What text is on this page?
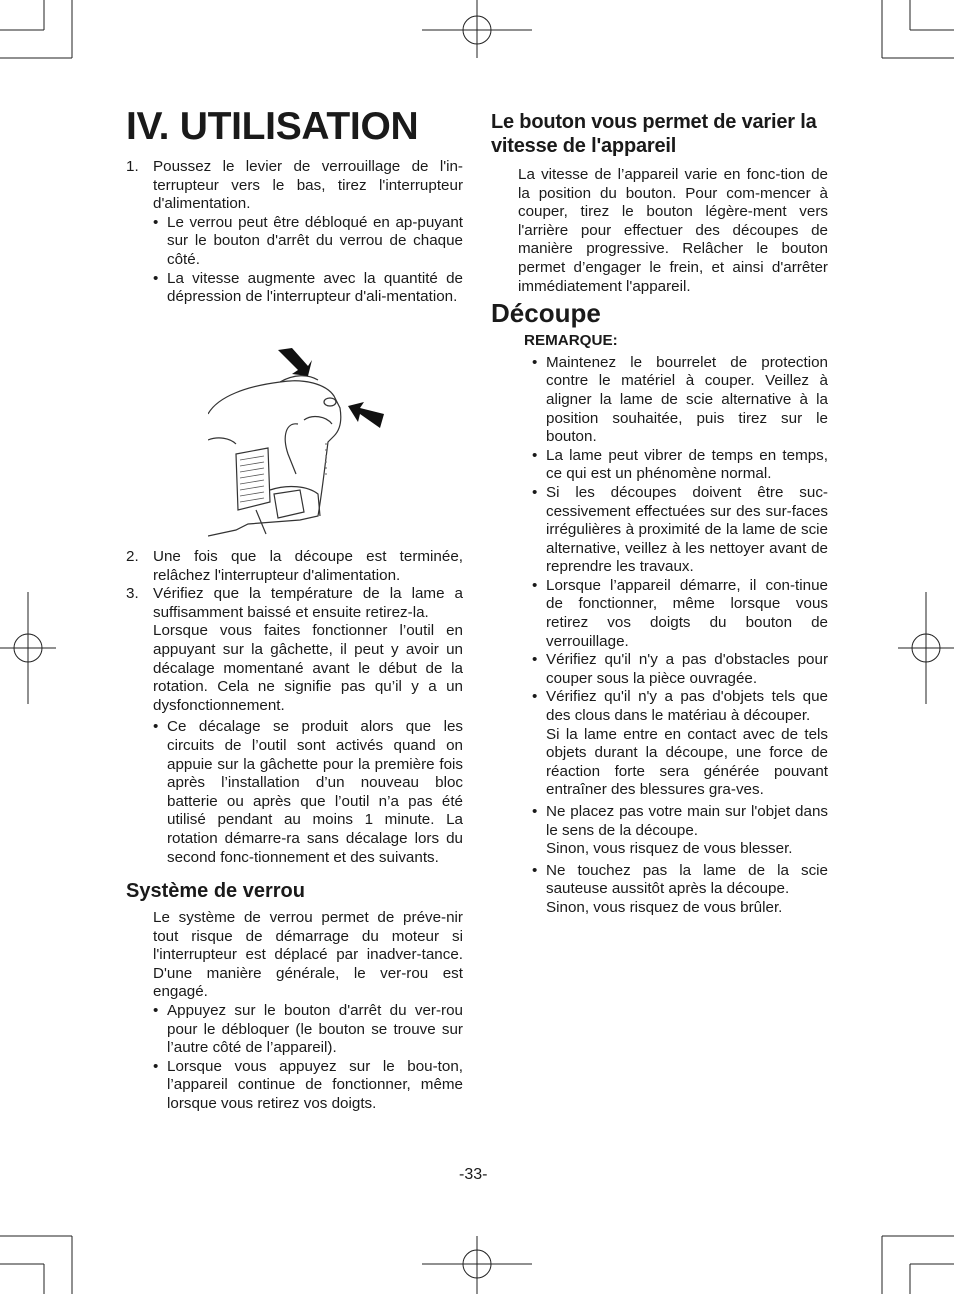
IV. UTILISATION

1. Poussez le levier de verrouillage de l'in-terrupteur vers le bas, tirez l'interrupteur d'alimentation.

• Le verrou peut être débloqué en ap-puyant sur le bouton d'arrêt du verrou de chaque côté.

• La vitesse augmente avec la quantité de dépression de l'interrupteur d'ali-mentation.

2. Une fois que la découpe est terminée, relâchez l'interrupteur d'alimentation.

3. Vérifiez que la température de la lame a suffisamment baissé et ensuite retirez-la.

Lorsque vous faites fonctionner l’outil en appuyant sur la gâchette, il peut y avoir un décalage momentané avant le début de la rotation. Cela ne signifie pas qu’il y a un dysfonctionnement.

• Ce décalage se produit alors que les circuits de l’outil sont activés quand on appuie sur la gâchette pour la première fois après l’installation d’un nouveau bloc batterie ou après que l’outil n’a pas été utilisé pendant au moins 1 minute. La rotation démarre-ra sans décalage lors du second fonc-tionnement et des suivants.

Système de verrou

Le système de verrou permet de préve-nir tout risque de démarrage du moteur si l'interrupteur est déplacé par inadver-tance. D'une manière générale, le ver-rou est engagé.

• Appuyez sur le bouton d'arrêt du ver-rou pour le débloquer (le bouton se trouve sur l’autre côté de l’appareil).

• Lorsque vous appuyez sur le bou-ton, l’appareil continue de fonctionner, même lorsque vous retirez vos doigts.

Le bouton vous permet de varier la vitesse de l'appareil

La vitesse de l’appareil varie en fonc-tion de la position du bouton. Pour com-mencer à couper, tirez le bouton légère-ment vers l'arrière pour effectuer des découpes de manière progressive. Relâcher le bouton permet d’engager le frein, et ainsi d'arrêter immédiatement l'appareil.

Découpe

REMARQUE:

• Maintenez le bourrelet de protection contre le matériel à couper. Veillez à aligner la lame de scie alternative à la position souhaitée, puis tirez sur le bouton.

• La lame peut vibrer de temps en temps, ce qui est un phénomène normal.

• Si les découpes doivent être suc-cessivement effectuées sur des sur-faces irrégulières à proximité de la lame de scie alternative, veillez à les nettoyer avant de reprendre les travaux.

• Lorsque l’appareil démarre, il con-tinue de fonctionner, même lorsque vous retirez vos doigts du bouton de verrouillage.

• Vérifiez qu'il n'y a pas d'obstacles pour couper sous la pièce ouvragée.

• Vérifiez qu'il n'y a pas d'objets tels que des clous dans le matériau à découper.

Si la lame entre en contact avec de tels objets durant la découpe, une force de réaction forte sera générée pouvant entraîner des blessures gra-ves.

• Ne placez pas votre main sur l'objet dans le sens de la découpe.

Sinon, vous risquez de vous blesser.

• Ne touchez pas la lame de la scie sauteuse aussitôt après la découpe.

Sinon, vous risquez de vous brûler.

-33-
